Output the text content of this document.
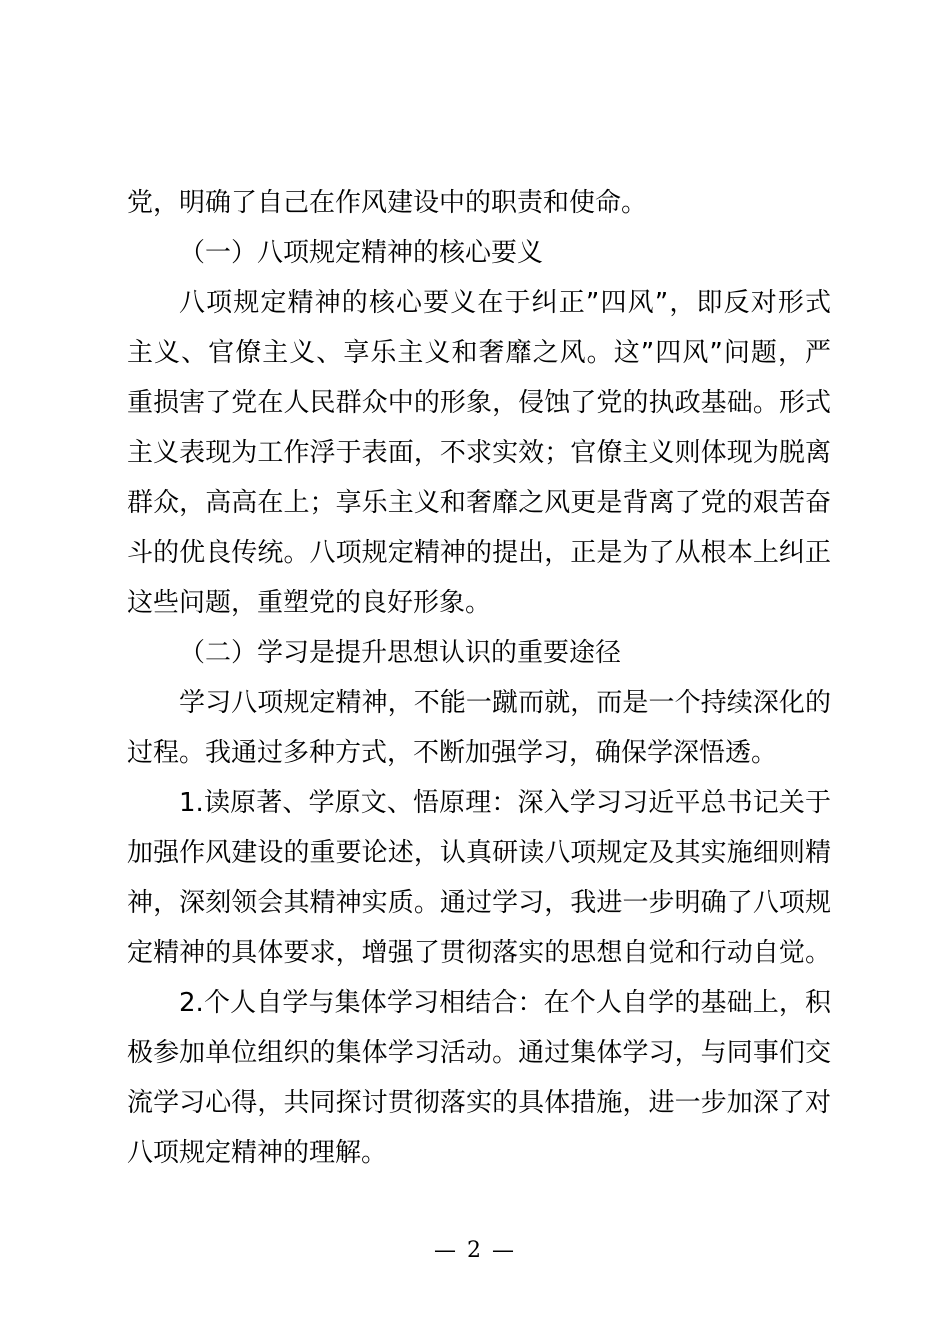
党，明确了自己在作风建设中的职责和使命。
（一）八项规定精神的核心要义
八项规定精神的核心要义在于纠正”四风”，即反对形式
主义、官僚主义、享乐主义和奢靡之风。这”四风”问题，严
重损害了党在人民群众中的形象，侵蚀了党的执政基础。形式
主义表现为工作浮于表面，不求实效；官僚主义则体现为脱离
群众，高高在上；享乐主义和奢靡之风更是背离了党的艰苦奋
斗的优良传统。八项规定精神的提出，正是为了从根本上纠正
这些问题，重塑党的良好形象。
（二）学习是提升思想认识的重要途径
学习八项规定精神，不能一蹴而就，而是一个持续深化的
过程。我通过多种方式，不断加强学习，确保学深悟透。
1.读原著、学原文、悟原理：深入学习习近平总书记关于
加强作风建设的重要论述，认真研读八项规定及其实施细则精
神，深刻领会其精神实质。通过学习，我进一步明确了八项规
定精神的具体要求，增强了贯彻落实的思想自觉和行动自觉。
2.个人自学与集体学习相结合：在个人自学的基础上，积
极参加单位组织的集体学习活动。通过集体学习，与同事们交
流学习心得，共同探讨贯彻落实的具体措施，进一步加深了对
八项规定精神的理解。
— 2 —
